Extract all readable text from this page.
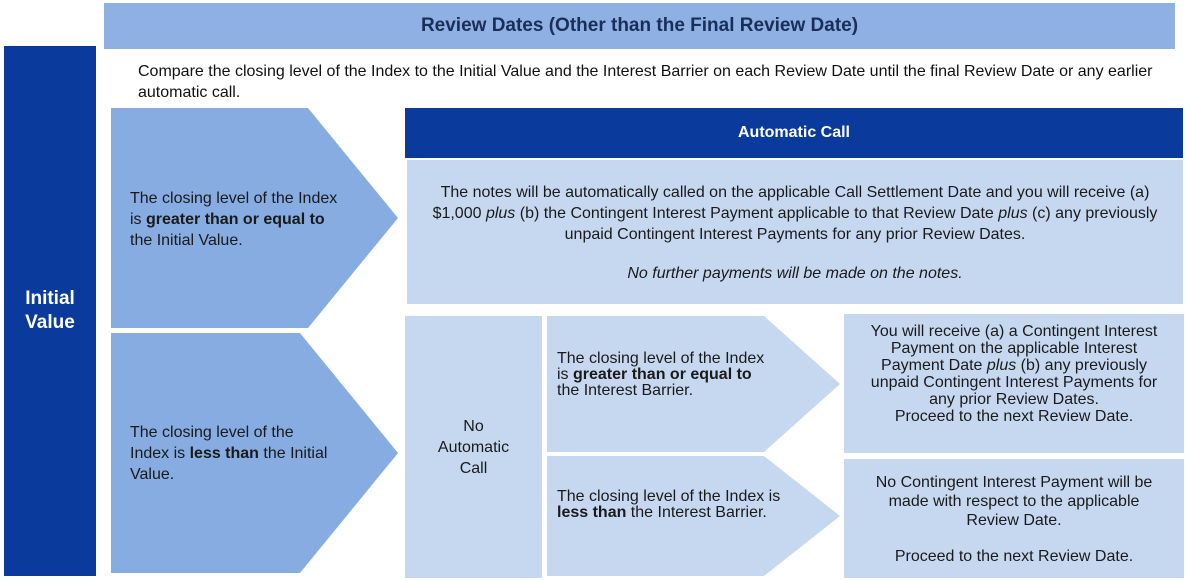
Review Dates (Other than the Final Review Date)
Initial
Value
Compare the closing level of the Index to the Initial Value and the Interest Barrier on each Review Date until the final Review Date or any earlier automatic call.
The closing level of the Index is greater than or equal to the Initial Value.
The closing level of the Index is less than the Initial Value.
Automatic Call

The notes will be automatically called on the applicable Call Settlement Date and you will receive (a) $1,000 plus (b) the Contingent Interest Payment applicable to that Review Date plus (c) any previously unpaid Contingent Interest Payments for any prior Review Dates.

No further payments will be made on the notes.

No
Automatic
Call
The closing level of the Index is greater than or equal to the Interest Barrier.
The closing level of the Index is less than the Interest Barrier.

You will receive (a) a Contingent Interest Payment on the applicable Interest Payment Date plus (b) any previously unpaid Contingent Interest Payments for any prior Review Dates.

Proceed to the next Review Date.

No Contingent Interest Payment will be made with respect to the applicable Review Date.

Proceed to the next Review Date.
